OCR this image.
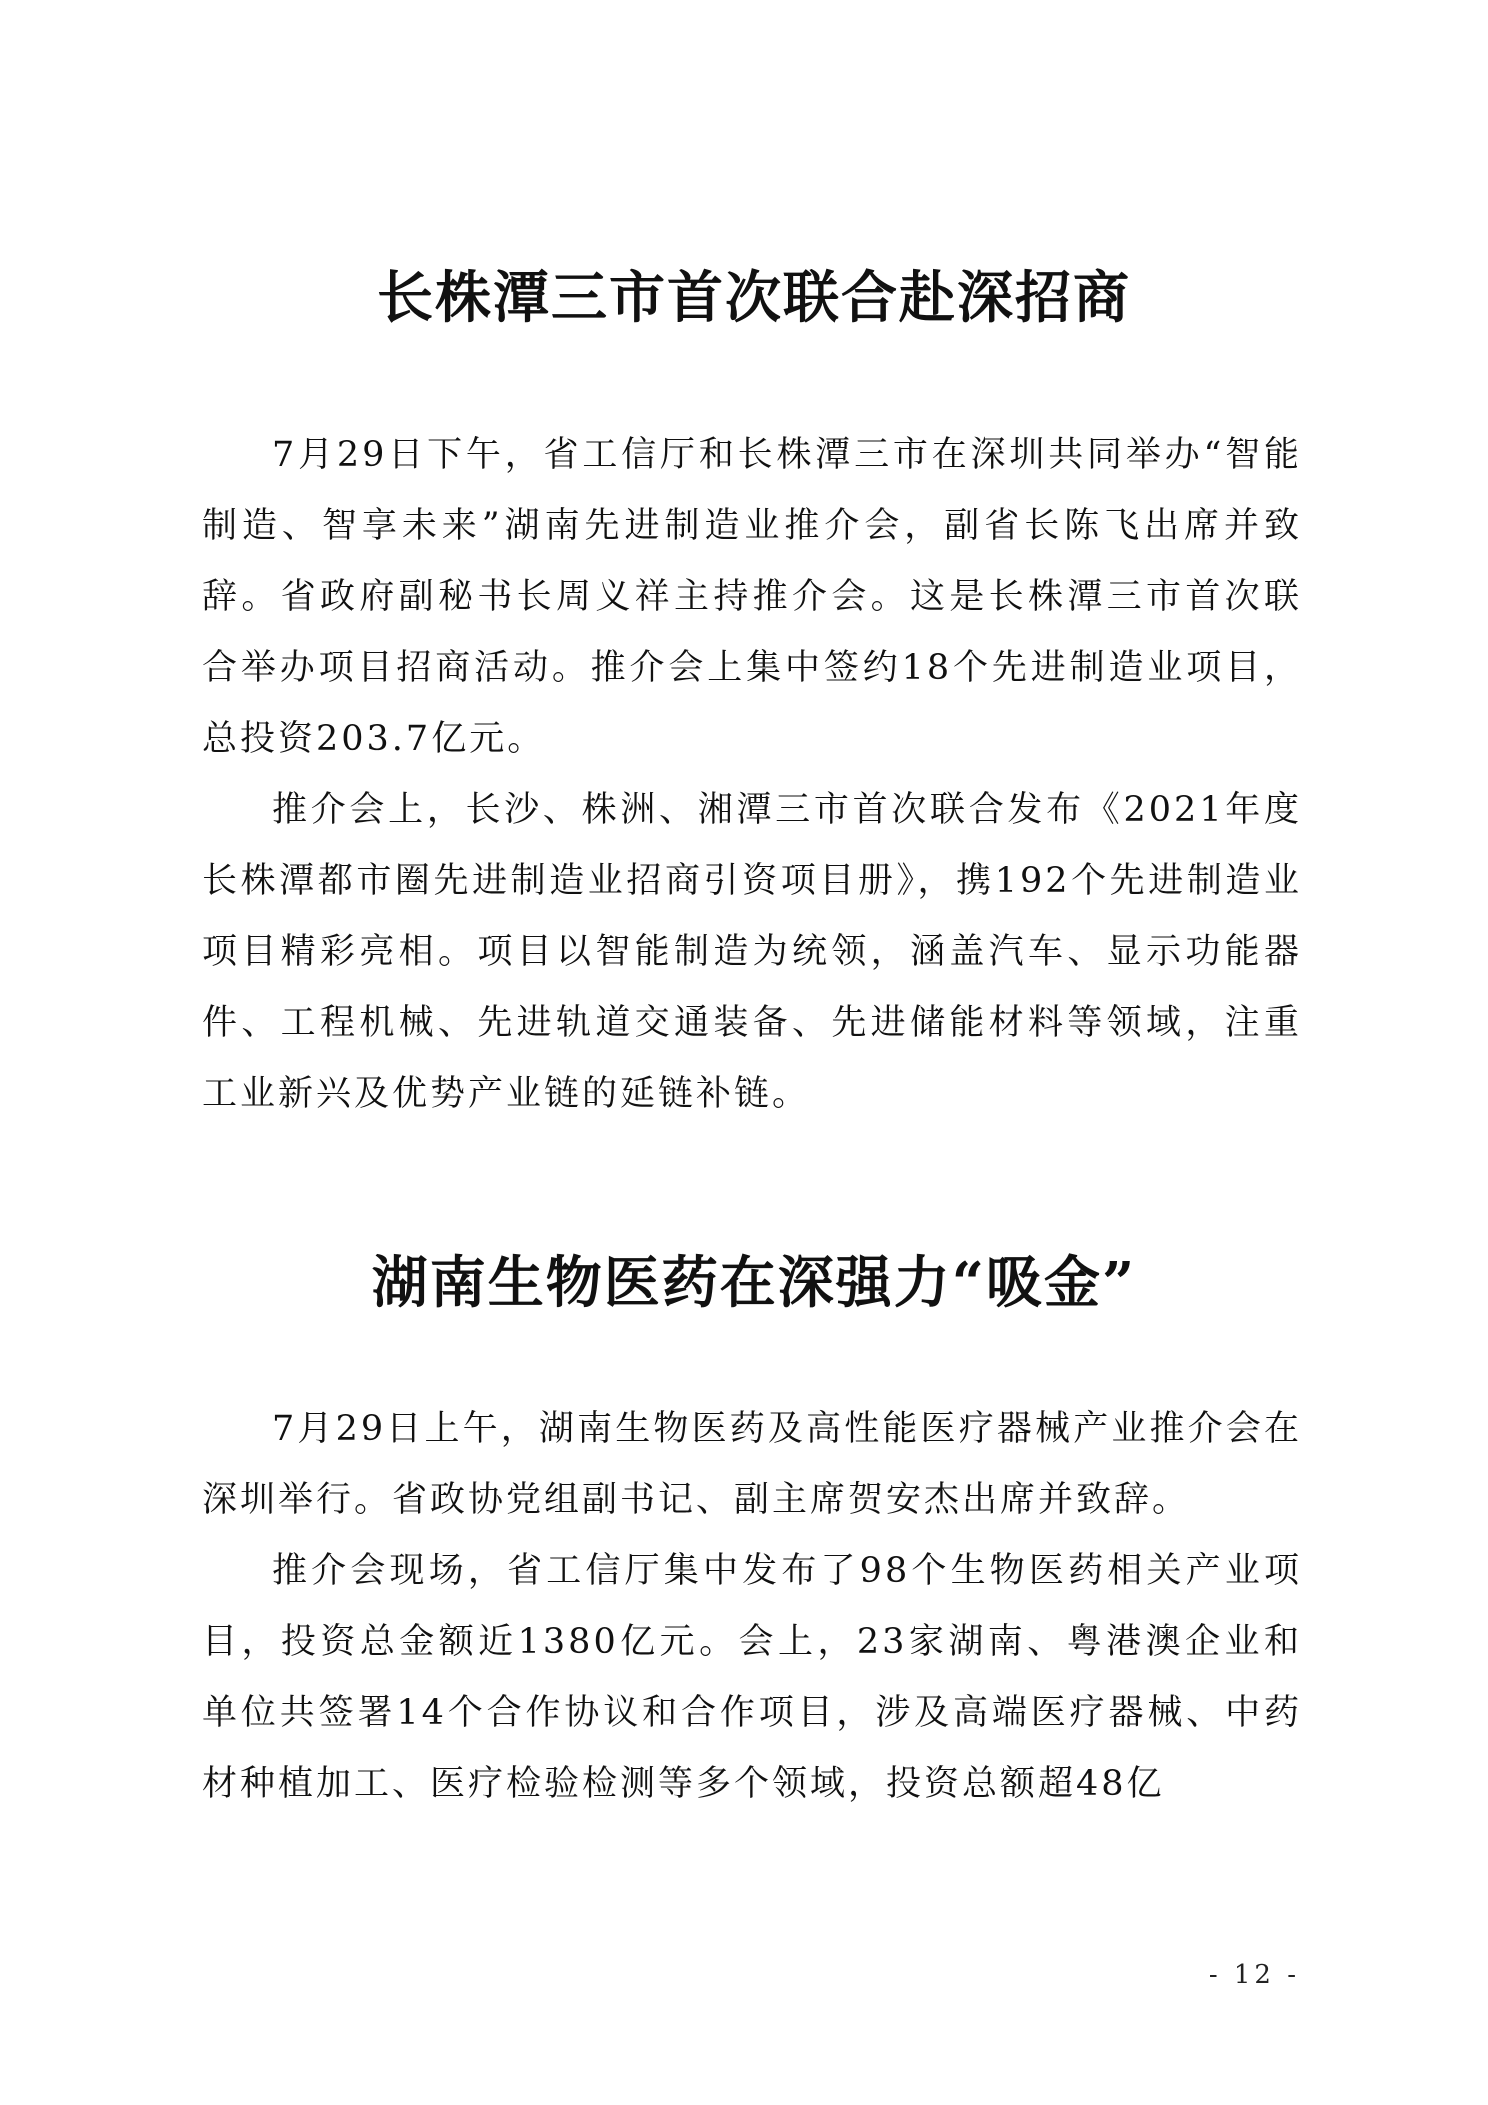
长株潭三市首次联合赴深招商

7月29日下午，省工信厅和长株潭三市在深圳共同举办“智能制造、智享未来”湖南先进制造业推介会，副省长陈飞出席并致辞。省政府副秘书长周义祥主持推介会。这是长株潭三市首次联合举办项目招商活动。推介会上集中签约18个先进制造业项目，总投资203.7亿元。

推介会上，长沙、株洲、湘潭三市首次联合发布《2021年度长株潭都市圈先进制造业招商引资项目册》，携192个先进制造业项目精彩亮相。项目以智能制造为统领，涵盖汽车、显示功能器件、工程机械、先进轨道交通装备、先进储能材料等领域，注重工业新兴及优势产业链的延链补链。

湖南生物医药在深强力“吸金”

7月29日上午，湖南生物医药及高性能医疗器械产业推介会在深圳举行。省政协党组副书记、副主席贺安杰出席并致辞。

推介会现场，省工信厅集中发布了98个生物医药相关产业项目，投资总金额近1380亿元。会上，23家湖南、粤港澳企业和单位共签署14个合作协议和合作项目，涉及高端医疗器械、中药材种植加工、医疗检验检测等多个领域，投资总额超48亿

- 12 -
